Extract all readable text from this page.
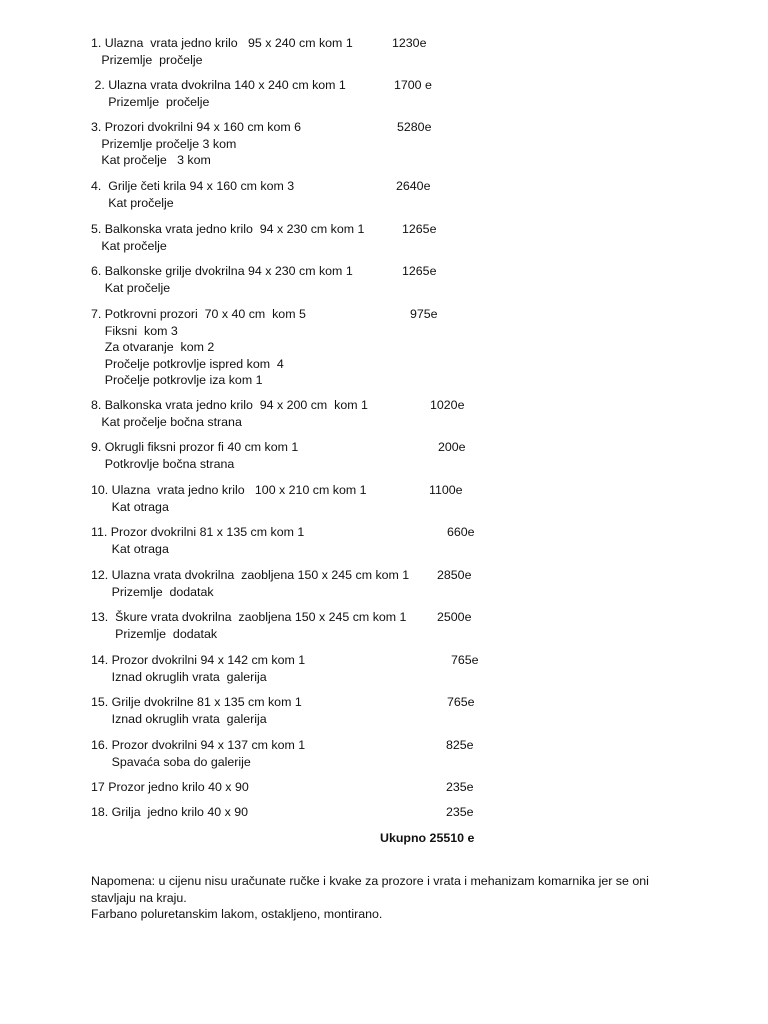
1. Ulazna  vrata jedno krilo   95 x 240 cm kom 1	1230e
Prizemlje  pročelje
2. Ulazna vrata dvokrilna 140 x 240 cm kom 1	1700 e
Prizemlje  pročelje
3. Prozori dvokrilni 94 x 160 cm kom 6	5280e
Prizemlje pročelje 3 kom
Kat pročelje   3 kom
4.  Grilje četi krila 94 x 160 cm kom 3	2640e
Kat pročelje
5. Balkonska vrata jedno krilo  94 x 230 cm kom 1	1265e
Kat pročelje
6. Balkonske grilje dvokrilna 94 x 230 cm kom 1	1265e
Kat pročelje
7. Potkrovni prozori  70 x 40 cm  kom 5	975e
Fiksni  kom 3
Za otvaranje  kom 2
Pročelje potkrovlje ispred kom  4
Pročelje potkrovlje iza kom 1
8. Balkonska vrata jedno krilo  94 x 200 cm  kom 1	1020e
Kat pročelje bočna strana
9. Okrugli fiksni prozor fi 40 cm kom 1	200e
Potkrovlje bočna strana
10. Ulazna  vrata jedno krilo   100 x 210 cm kom 1	1100e
Kat otraga
11. Prozor dvokrilni 81 x 135 cm kom 1	660e
Kat otraga
12. Ulazna vrata dvokrilna  zaobljena 150 x 245 cm kom 1 2850e
Prizemlje  dodatak
13.  Škure vrata dvokrilna  zaobljena 150 x 245 cm kom 1 2500e
Prizemlje  dodatak
14. Prozor dvokrilni 94 x 142 cm kom 1	765e
Iznad okruglih vrata  galerija
15. Grilje dvokrilne 81 x 135 cm kom 1	765e
Iznad okruglih vrata  galerija
16. Prozor dvokrilni 94 x 137 cm kom 1	825e
Spavaća soba do galerije
17 Prozor jedno krilo 40 x 90	235e
18. Grilja  jedno krilo 40 x 90	235e
Ukupno 25510 e
Napomena: u cijenu nisu uračunate ručke i kvake za prozore i vrata i mehanizam komarnika jer se oni
stavljaju na kraju.
Farbano poluretanskim lakom, ostakljeno, montirano.
